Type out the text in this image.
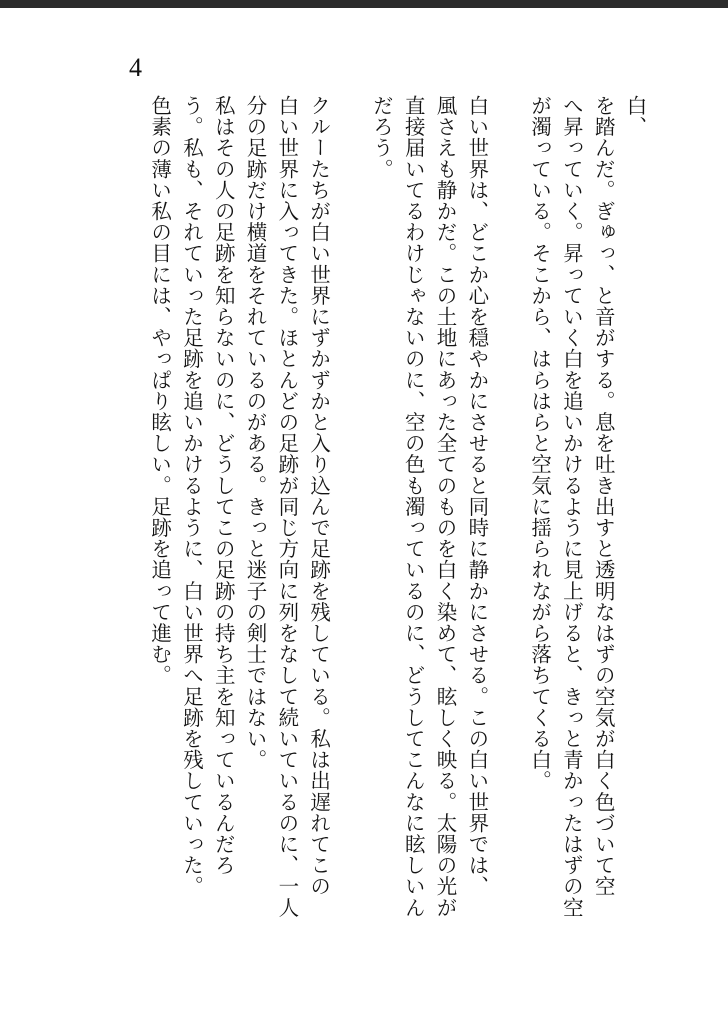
4
白、
を踏んだ。ぎゅっ、と音がする。息を吐き出すと透明なはずの空気が白く色づいて空
へ昇っていく。昇っていく白を追いかけるように見上げると、きっと青かったはずの空
が濁っている。そこから、はらはらと空気に揺られながら落ちてくる白。
白い世界は、どこか心を穏やかにさせると同時に静かにさせる。この白い世界では、
風さえも静かだ。この土地にあった全てのものを白く染めて、眩しく映る。太陽の光が
直接届いてるわけじゃないのに、空の色も濁っているのに、どうしてこんなに眩しいん
だろう。
クルーたちが白い世界にずかずかと入り込んで足跡を残している。私は出遅れてこの
白い世界に入ってきた。ほとんどの足跡が同じ方向に列をなして続いているのに、一人
分の足跡だけ横道をそれているのがある。きっと迷子の剣士ではない。
私はその人の足跡を知らないのに、どうしてこの足跡の持ち主を知っているんだろ
う。私も、それていった足跡を追いかけるように、白い世界へ足跡を残していった。
色素の薄い私の目には、やっぱり眩しい。足跡を追って進む。
